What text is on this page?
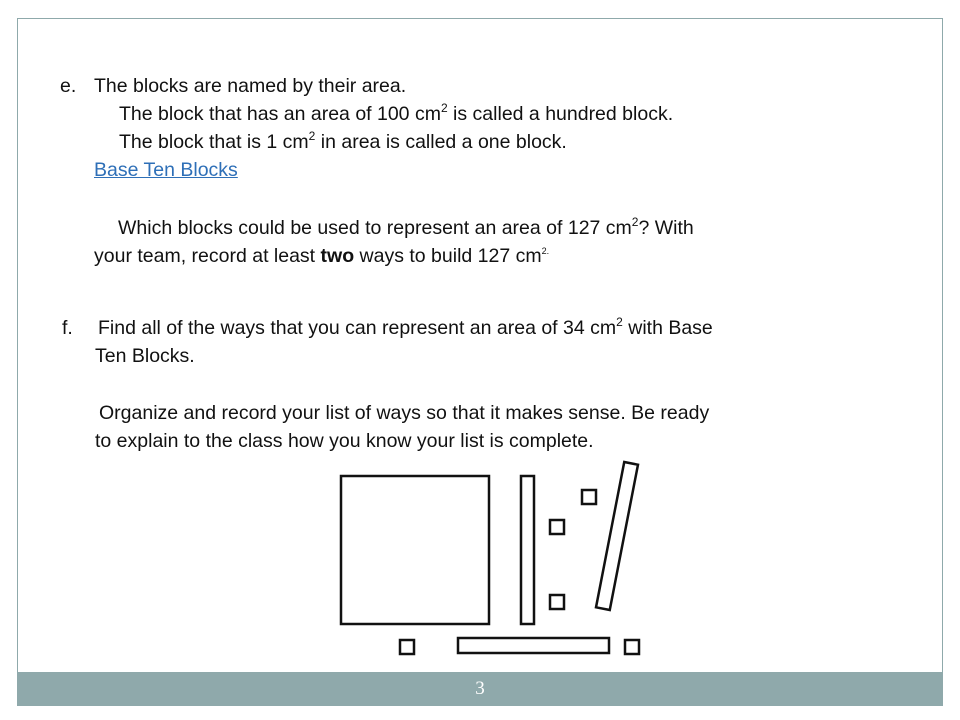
e. The blocks are named by their area.
The block that has an area of 100 $cm^2$ is called a hundred block.
The block that is 1 $cm^2$ in area is called a one block.
Base Ten Blocks
Which blocks could be used to represent an area of 127 $cm^2$? With
your team, record at least two ways to build 127 $cm^{2.}$
f. Find all of the ways that you can represent an area of 34 $cm^2$ with Base
Ten Blocks.
Organize and record your list of ways so that it makes sense. Be ready
to explain to the class how you know your list is complete.
3
